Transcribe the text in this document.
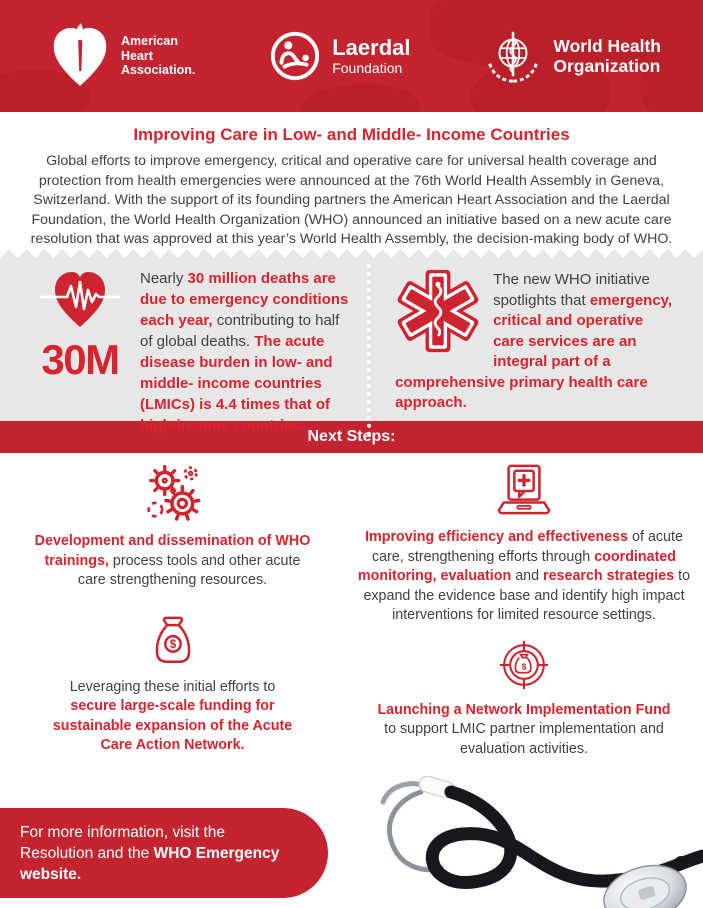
American
Heart
Association.
Laerdal
Foundation
World Health
Organization
Improving Care in Low- and Middle- Income Countries

Global efforts to improve emergency, critical and operative care for universal health coverage and protection from health emergencies were announced at the 76th World Health Assembly in Geneva, Switzerland. With the support of its founding partners the American Heart Association and the Laerdal Foundation, the World Health Organization (WHO) announced an initiative based on a new acute care resolution that was approved at this year’s World Health Assembly, the decision-making body of WHO.

30M

Nearly 30 million deaths are due to emergency conditions each year, contributing to half of global deaths. The acute disease burden in low- and middle- income countries (LMICs) is 4.4 times that of high-income countries.

The new WHO initiative spotlights that emergency, critical and operative care services are an integral part of a comprehensive primary health care approach.

Next Steps:

Development and dissemination of WHO trainings, process tools and other acute care strengthening resources.

$

Leveraging these initial efforts to secure large-scale funding for sustainable expansion of the Acute Care Action Network.

Improving efficiency and effectiveness of acute care, strengthening efforts through coordinated monitoring, evaluation and research strategies to expand the evidence base and identify high impact interventions for limited resource settings.

$

Launching a Network Implementation Fund to support LMIC partner implementation and evaluation activities.

For more information, visit the Resolution and the WHO Emergency website.
